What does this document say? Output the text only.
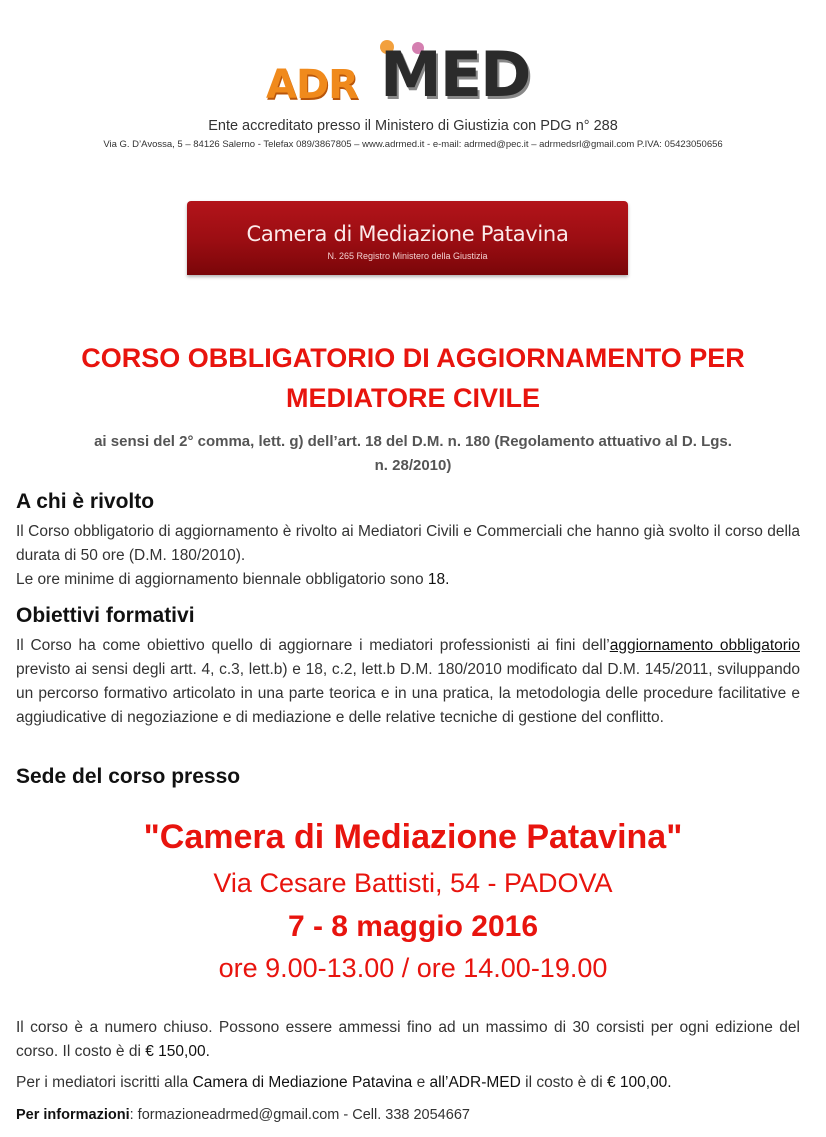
ADR MED
Ente accreditato presso il Ministero di Giustizia con PDG n° 288
Via G. D’Avossa, 5 – 84126 Salerno - Telefax 089/3867805 – www.adrmed.it - e-mail: adrmed@pec.it – adrmedsrl@gmail.com P.IVA: 05423050656
Camera di Mediazione Patavina
N. 265 Registro Ministero della Giustizia
CORSO OBBLIGATORIO DI AGGIORNAMENTO PER
MEDIATORE CIVILE
ai sensi del 2° comma, lett. g) dell’art. 18 del D.M. n. 180 (Regolamento attuativo al D. Lgs.
n. 28/2010)
A chi è rivolto
Il Corso obbligatorio di aggiornamento è rivolto ai Mediatori Civili e Commerciali che hanno già svolto il corso della durata di 50 ore (D.M. 180/2010).
Le ore minime di aggiornamento biennale obbligatorio sono 18.
Obiettivi formativi
Il Corso ha come obiettivo quello di aggiornare i mediatori professionisti ai fini dell’aggiornamento obbligatorio previsto ai sensi degli artt. 4, c.3, lett.b) e 18, c.2, lett.b D.M. 180/2010 modificato dal D.M. 145/2011, sviluppando un percorso formativo articolato in una parte teorica e in una pratica, la metodologia delle procedure facilitative e aggiudicative di negoziazione e di mediazione e delle relative tecniche di gestione del conflitto.
Sede del corso presso
"Camera di Mediazione Patavina"
Via Cesare Battisti, 54 - PADOVA
7 - 8 maggio 2016
ore 9.00-13.00 / ore 14.00-19.00
Il corso è a numero chiuso. Possono essere ammessi fino ad un massimo di 30 corsisti per ogni edizione del corso. Il costo è di € 150,00.
Per i mediatori iscritti alla Camera di Mediazione Patavina e all’ADR-MED il costo è di € 100,00.
Per informazioni: formazioneadrmed@gmail.com - Cell. 338 2054667
